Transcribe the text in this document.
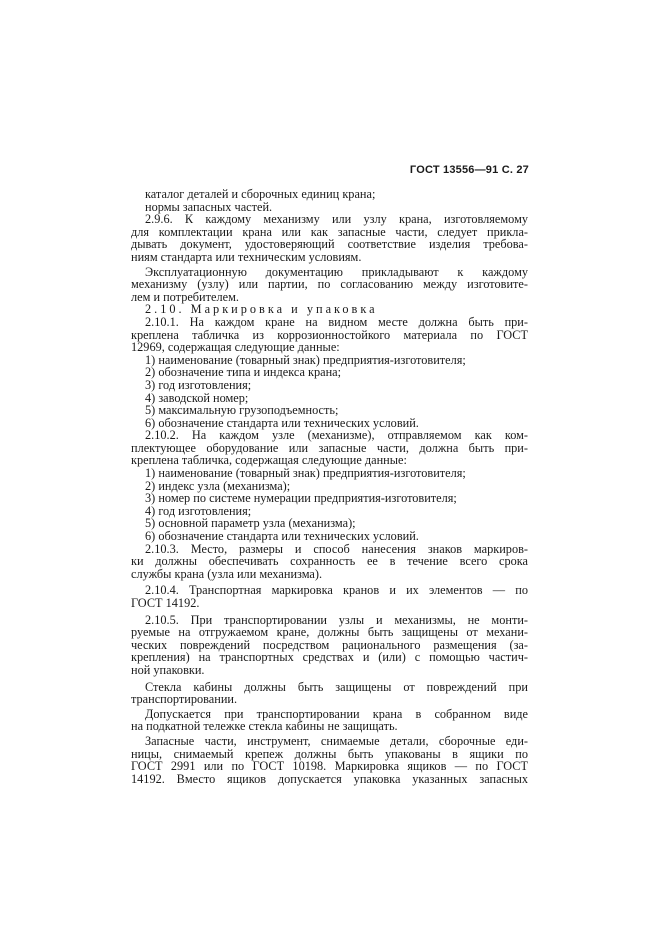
ГОСТ 13556—91 С. 27
каталог деталей и сборочных единиц крана;
нормы запасных частей.
2.9.6. К каждому механизму или узлу крана, изготовляемому
для комплектации крана или как запасные части, следует прикла-
дывать документ, удостоверяющий соответствие изделия требова-
ниям стандарта или техническим условиям.
Эксплуатационную документацию прикладывают к каждому
механизму (узлу) или партии, по согласованию между изготовите-
лем и потребителем.
2.10. Маркировка и упаковка
2.10.1. На каждом кране на видном месте должна быть при-
креплена табличка из коррозионностойкого материала по ГОСТ
12969, содержащая следующие данные:
1) наименование (товарный знак) предприятия-изготовителя;
2) обозначение типа и индекса крана;
3) год изготовления;
4) заводской номер;
5) максимальную грузоподъемность;
6) обозначение стандарта или технических условий.
2.10.2. На каждом узле (механизме), отправляемом как ком-
плектующее оборудование или запасные части, должна быть при-
креплена табличка, содержащая следующие данные:
1) наименование (товарный знак) предприятия-изготовителя;
2) индекс узла (механизма);
3) номер по системе нумерации предприятия-изготовителя;
4) год изготовления;
5) основной параметр узла (механизма);
6) обозначение стандарта или технических условий.
2.10.3. Место, размеры и способ нанесения знаков маркиров-
ки должны обеспечивать сохранность ее в течение всего срока
службы крана (узла или механизма).
2.10.4. Транспортная маркировка кранов и их элементов — по
ГОСТ 14192.
2.10.5. При транспортировании узлы и механизмы, не монти-
руемые на отгружаемом кране, должны быть защищены от механи-
ческих повреждений посредством рационального размещения (за-
крепления) на транспортных средствах и (или) с помощью частич-
ной упаковки.
Стекла кабины должны быть защищены от повреждений при
транспортировании.
Допускается при транспортировании крана в собранном виде
на подкатной тележке стекла кабины не защищать.
Запасные части, инструмент, снимаемые детали, сборочные еди-
ницы, снимаемый крепеж должны быть упакованы в ящики по
ГОСТ 2991 или по ГОСТ 10198. Маркировка ящиков — по ГОСТ
14192. Вместо ящиков допускается упаковка указанных запасных
